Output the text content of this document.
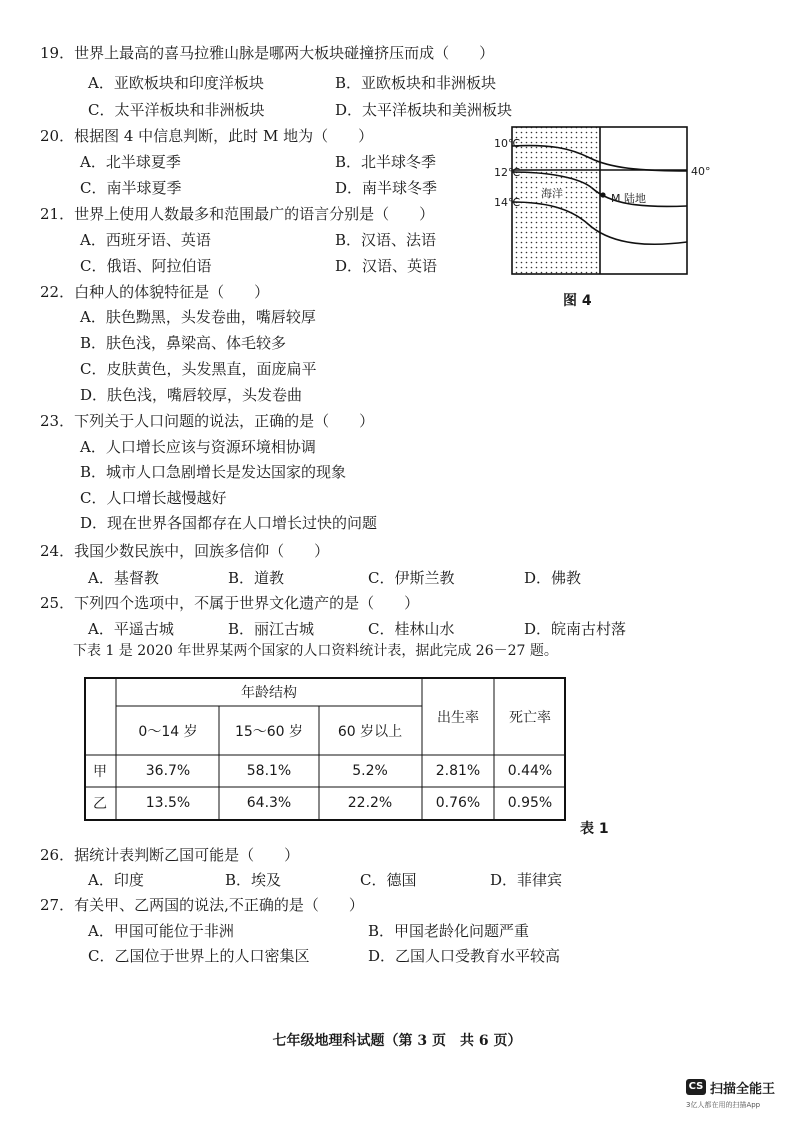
19．世界上最高的喜马拉雅山脉是哪两大板块碰撞挤压而成（　　）
A．亚欧板块和印度洋板块	B．亚欧板块和非洲板块
C．太平洋板块和非洲板块	D．太平洋板块和美洲板块
20．根据图 4 中信息判断，此时 M 地为（　　）
A．北半球夏季	B．北半球冬季
C．南半球夏季	D．南半球冬季
21．世界上使用人数最多和范围最广的语言分别是（　　）
A．西班牙语、英语	B．汉语、法语
C．俄语、阿拉伯语	D．汉语、英语
22．白种人的体貌特征是（　　）
A．肤色黝黑，头发卷曲，嘴唇较厚
B．肤色浅，鼻梁高、体毛较多
C．皮肤黄色，头发黑直，面庞扁平
D．肤色浅，嘴唇较厚，头发卷曲
23．下列关于人口问题的说法，正确的是（　　）
A．人口增长应该与资源环境相协调
B．城市人口急剧增长是发达国家的现象
C．人口增长越慢越好
D．现在世界各国都存在人口增长过快的问题
24．我国少数民族中，回族多信仰（　　）
A．基督教	B．道教	C．伊斯兰教	D．佛教
25．下列四个选项中，不属于世界文化遗产的是（　　）
A．平遥古城	B．丽江古城	C．桂林山水	D．皖南古村落
下表 1 是 2020 年世界某两个国家的人口资料统计表，据此完成 26－27 题。
10℃
12℃
14℃
40°
海洋	M 陆地
图 4
年龄结构
0～14 岁	15～60 岁 60 岁以上
出生率 死亡率
甲	36.7%	58.1%	5.2%	2.81% 0.44%
乙	13.5%	64.3%	22.2%	0.76% 0.95%
表 1
26．据统计表判断乙国可能是（　　）
A．印度	B．埃及	C．德国	D．菲律宾
27．有关甲、乙两国的说法,不正确的是（　　）
A．甲国可能位于非洲	B．甲国老龄化问题严重
C．乙国位于世界上的人口密集区	D．乙国人口受教育水平较高
七年级地理科试题（第 3 页　共 6 页）
CS 扫描全能王
3亿人都在用的扫描App
